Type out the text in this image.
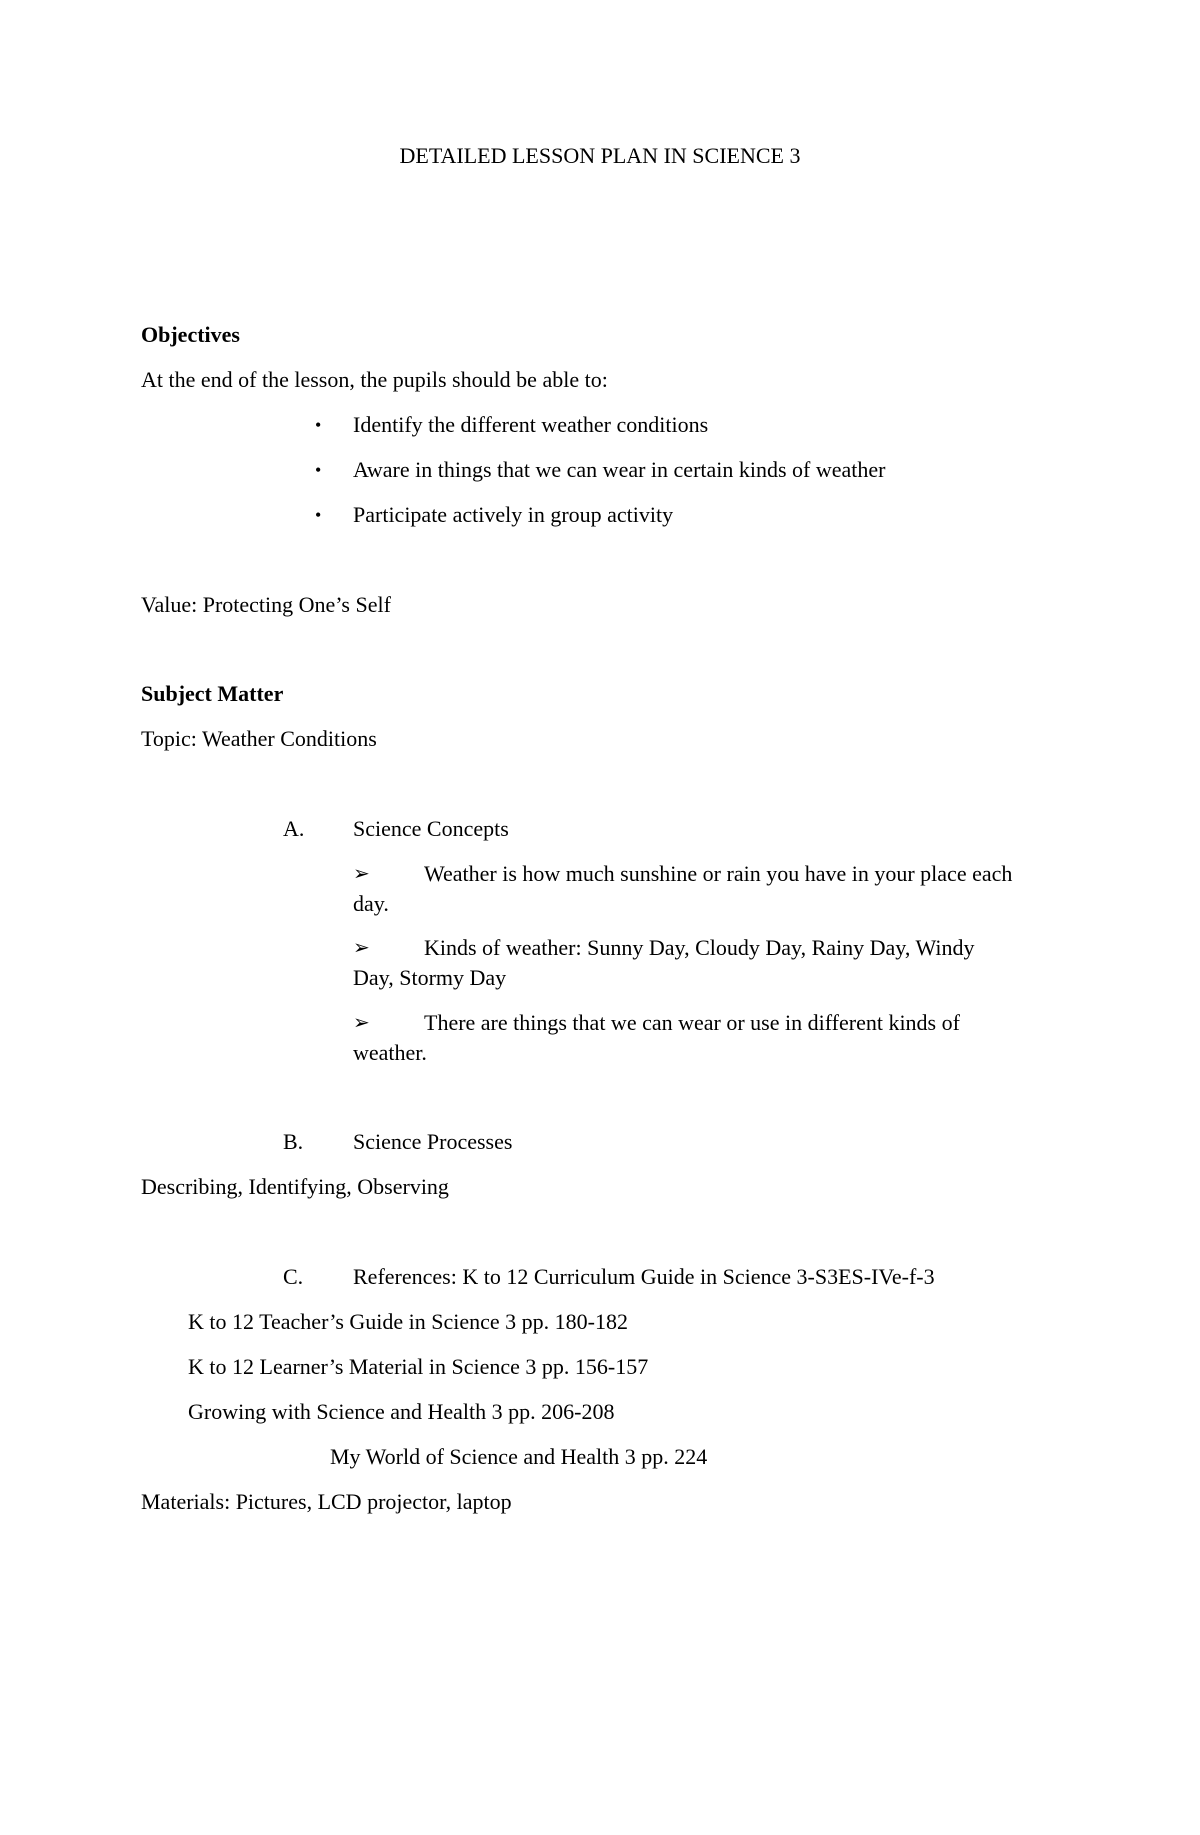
DETAILED LESSON PLAN IN SCIENCE 3
Objectives
At the end of the lesson, the pupils should be able to:
• Identify the different weather conditions
• Aware in things that we can wear in certain kinds of weather
• Participate actively in group activity
Value: Protecting One’s Self
Subject Matter
Topic: Weather Conditions
A. Science Concepts
➢ Weather is how much sunshine or rain you have in your place each
day.
➢ Kinds of weather: Sunny Day, Cloudy Day, Rainy Day, Windy
Day, Stormy Day
➢ There are things that we can wear or use in different kinds of
weather.
B. Science Processes
Describing, Identifying, Observing
C. References: K to 12 Curriculum Guide in Science 3-S3ES-IVe-f-3
K to 12 Teacher’s Guide in Science 3 pp. 180-182
K to 12 Learner’s Material in Science 3 pp. 156-157
Growing with Science and Health 3 pp. 206-208
My World of Science and Health 3 pp. 224
Materials: Pictures, LCD projector, laptop
